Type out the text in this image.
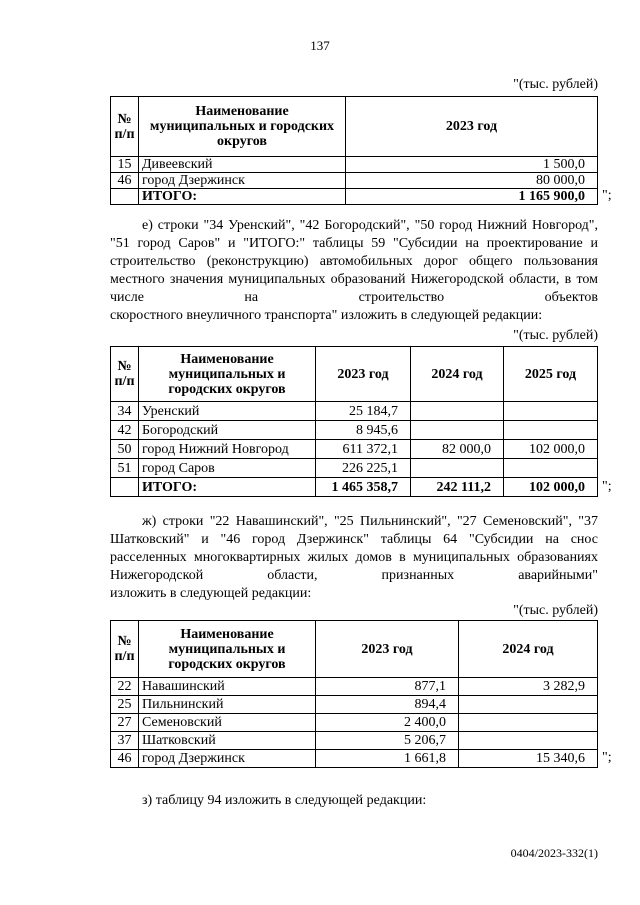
137
"(тыс. рублей)
№ п/п	Наименование муниципальных и городских округов	2023 год
15	Дивеевский	1 500,0
46	город Дзержинск	80 000,0
	ИТОГО:	1 165 900,0 ";
е) строки "34 Уренский", "42 Богородский", "50 город Нижний Новгород", "51 город Саров" и "ИТОГО:" таблицы 59 "Субсидии на проектирование и строительство (реконструкцию) автомобильных дорог общего пользования местного значения муниципальных образований Нижегородской области, в том числе на строительство объектов
скоростного внеуличного транспорта" изложить в следующей редакции:
"(тыс. рублей)
№ п/п	Наименование муниципальных и городских округов	2023 год	2024 год	2025 год
34	Уренский	25 184,7		
42	Богородский	8 945,6		
50	город Нижний Новгород	611 372,1	82 000,0	102 000,0
51	город Саров	226 225,1		
	ИТОГО:	1 465 358,7	242 111,2	102 000,0 ";
ж) строки "22 Навашинский", "25 Пильнинский", "27 Семеновский", "37 Шатковский" и "46 город Дзержинск" таблицы 64 "Субсидии на снос расселенных многоквартирных жилых домов в муниципальных образованиях Нижегородской области, признанных аварийными"
изложить в следующей редакции:
"(тыс. рублей)
№ п/п	Наименование муниципальных и городских округов	2023 год	2024 год
22	Навашинский	877,1	3 282,9
25	Пильнинский	894,4	
27	Семеновский	2 400,0	
37	Шатковский	5 206,7	
46	город Дзержинск	1 661,8	15 340,6 ";
з) таблицу 94 изложить в следующей редакции:
0404/2023-332(1)
